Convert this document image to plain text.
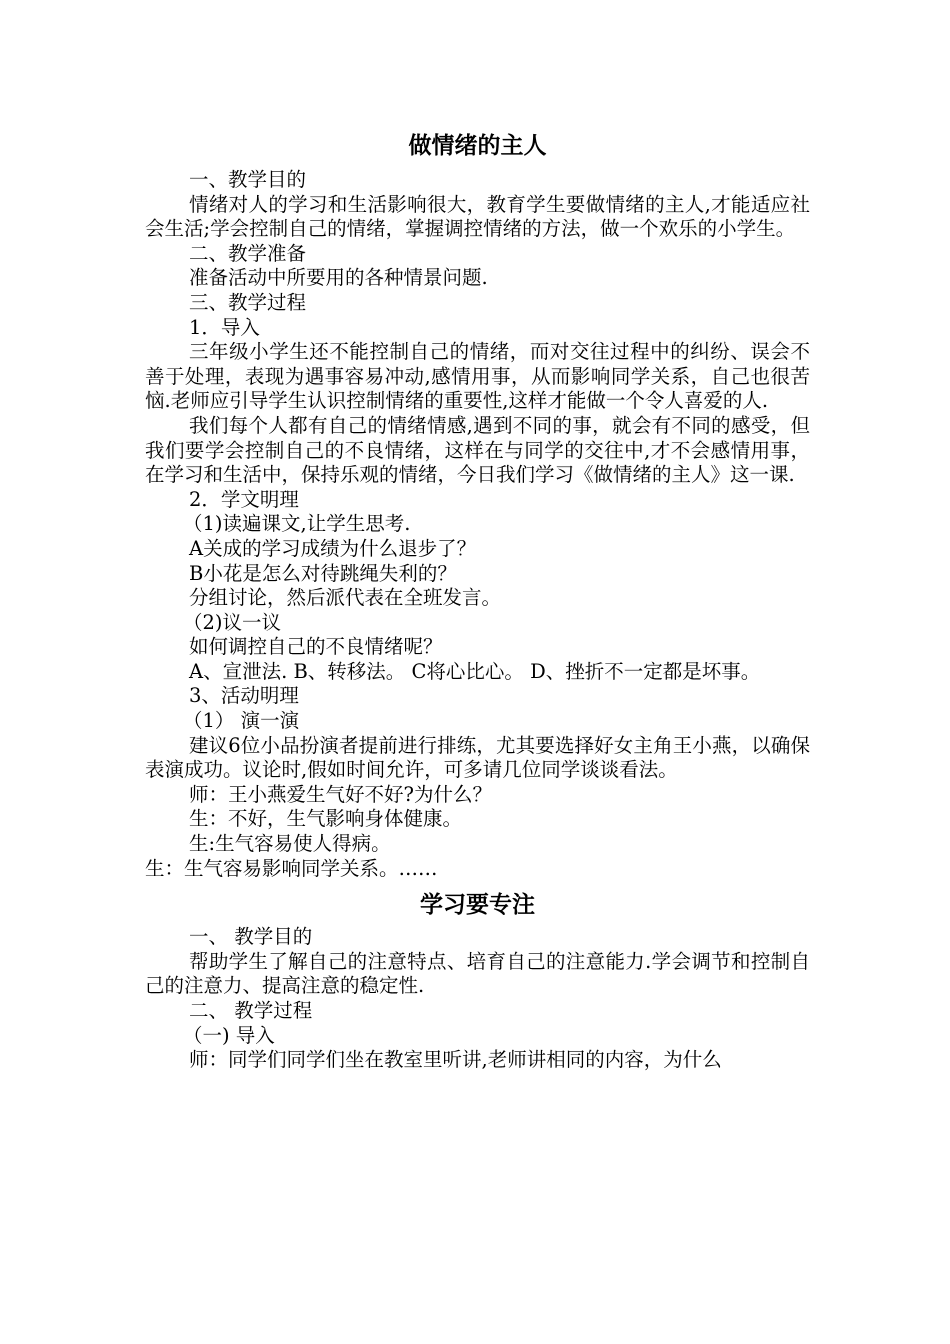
做情绪的主人

一、教学目的

情绪对人的学习和生活影响很大，教育学生要做情绪的主人,才能适应社会生活;学会控制自己的情绪，掌握调控情绪的方法，做一个欢乐的小学生。

二、教学准备

准备活动中所要用的各种情景问题.

三、教学过程

1．导入

三年级小学生还不能控制自己的情绪，而对交往过程中的纠纷、误会不善于处理，表现为遇事容易冲动,感情用事，从而影响同学关系，自己也很苦恼.老师应引导学生认识控制情绪的重要性,这样才能做一个令人喜爱的人.

我们每个人都有自己的情绪情感,遇到不同的事，就会有不同的感受，但我们要学会控制自己的不良情绪，这样在与同学的交往中,才不会感情用事，在学习和生活中，保持乐观的情绪，今日我们学习《做情绪的主人》这一课.

2．学文明理

（1)读遍课文,让学生思考.

A关成的学习成绩为什么退步了？

B小花是怎么对待跳绳失利的？

分组讨论，然后派代表在全班发言。

（2)议一议

如何调控自己的不良情绪呢？

A、宣泄法. B、转移法。 C将心比心。 D、挫折不一定都是坏事。

3、活动明理

（1） 演一演

建议6位小品扮演者提前进行排练，尤其要选择好女主角王小燕，以确保表演成功。议论时,假如时间允许，可多请几位同学谈谈看法。

师：王小燕爱生气好不好?为什么？

生：不好，生气影响身体健康。

生:生气容易使人得病。

生：生气容易影响同学关系。……

学习要专注

一、 教学目的

帮助学生了解自己的注意特点、培育自己的注意能力.学会调节和控制自己的注意力、提高注意的稳定性.

二、 教学过程

（一) 导入

师：同学们同学们坐在教室里听讲,老师讲相同的内容，为什么
